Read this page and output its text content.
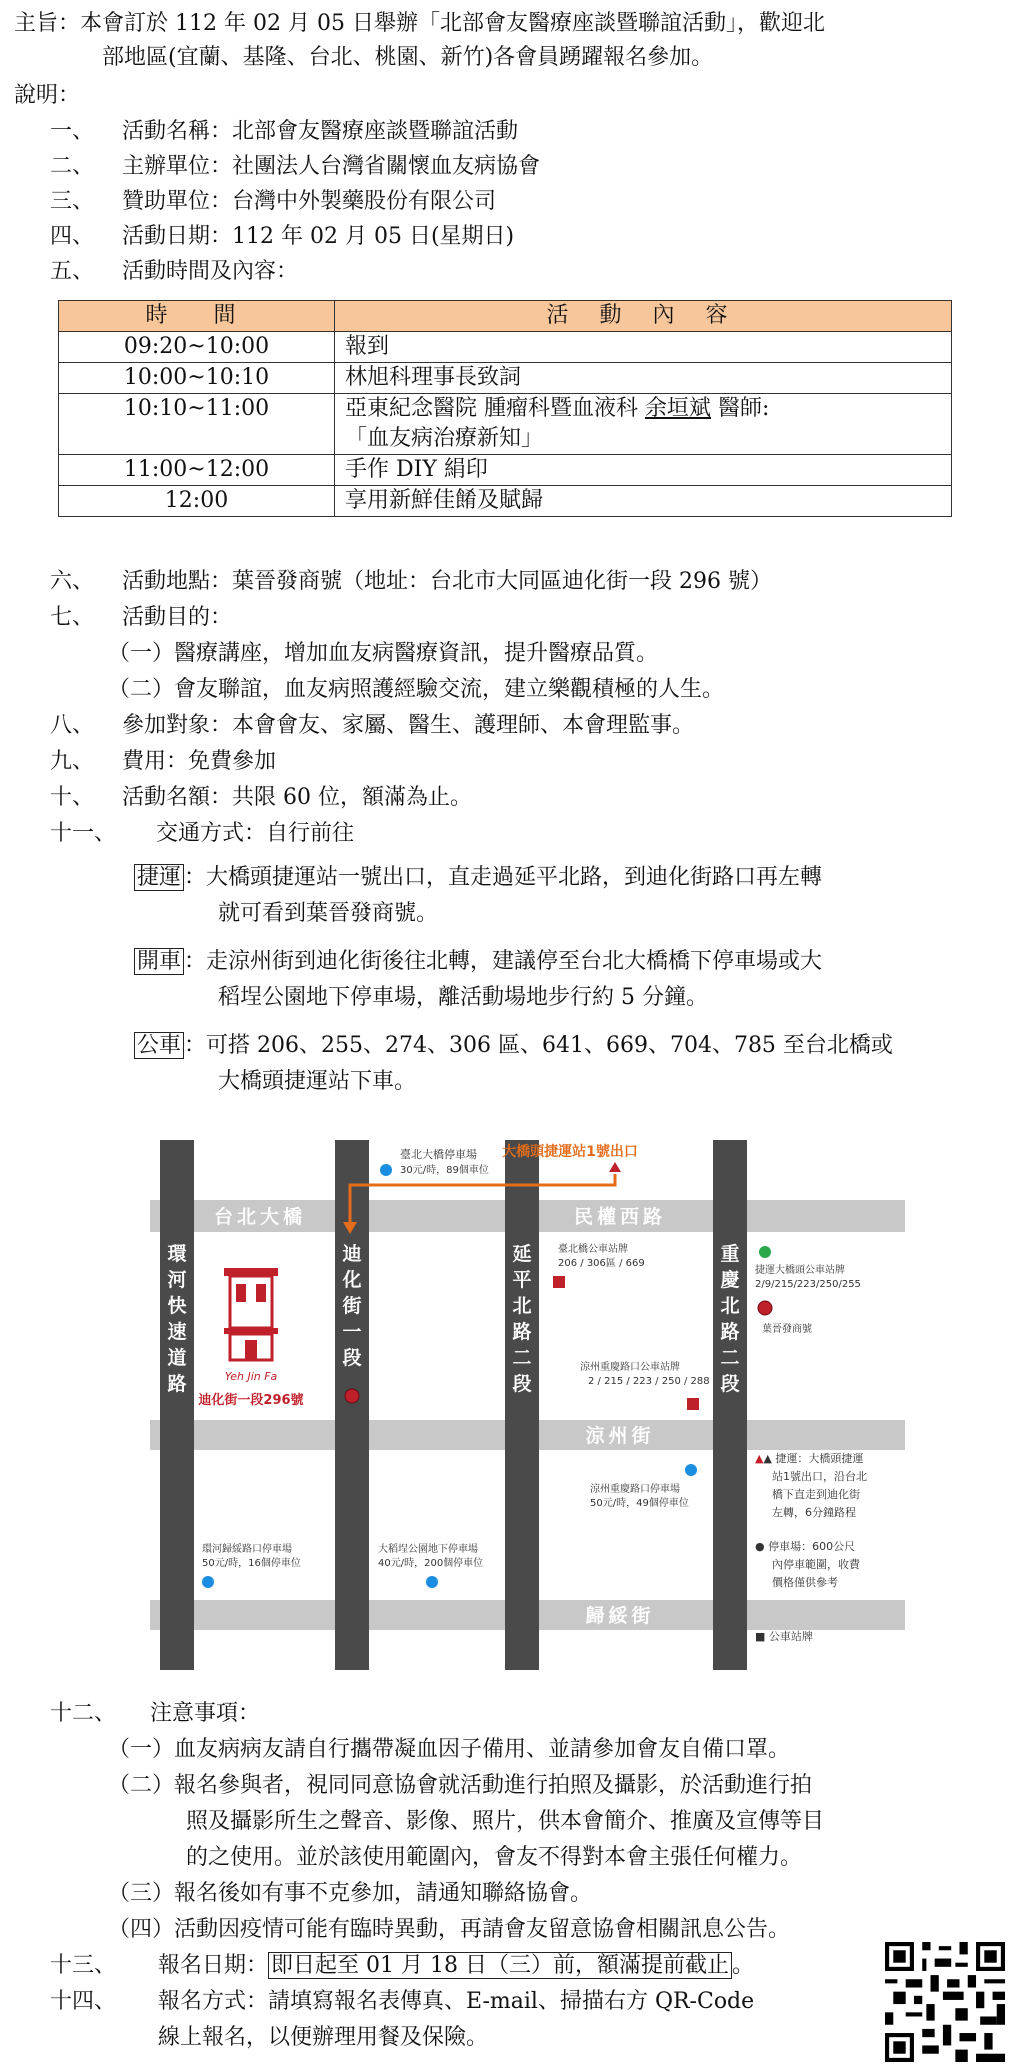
主旨：本會訂於 112 年 02 月 05 日舉辦「北部會友醫療座談暨聯誼活動」，歡迎北
部地區(宜蘭、基隆、台北、桃園、新竹)各會員踴躍報名參加。
說明：
一、 活動名稱：北部會友醫療座談暨聯誼活動
二、 主辦單位：社團法人台灣省關懷血友病協會
三、 贊助單位：台灣中外製藥股份有限公司
四、 活動日期：112 年 02 月 05 日(星期日)
五、 活動時間及內容：
時　間	活 動 內 容
09:20~10:00	報到
10:00~10:10	林旭科理事長致詞
10:10~11:00	亞東紀念醫院 腫瘤科暨血液科 余垣斌 醫師:
「血友病治療新知」
11:00~12:00	手作 DIY 絹印
12:00	享用新鮮佳餚及賦歸
六、 活動地點：葉晉發商號（地址：台北市大同區迪化街一段 296 號）
七、 活動目的：
（一）醫療講座，增加血友病醫療資訊，提升醫療品質。
（二）會友聯誼，血友病照護經驗交流，建立樂觀積極的人生。
八、 參加對象：本會會友、家屬、醫生、護理師、本會理監事。
九、 費用：免費參加
十、 活動名額：共限 60 位，額滿為止。
十一、 交通方式：自行前往
捷運 ：大橋頭捷運站一號出口，直走過延平北路，到迪化街路口再左轉
就可看到葉晉發商號。
開車 ：走涼州街到迪化街後往北轉，建議停至台北大橋橋下停車場或大
稻埕公園地下停車場，離活動場地步行約 5 分鐘。
公車 ：可搭 206、255、274、306 區、641、669、704、785 至台北橋或
大橋頭捷運站下車。
環河快速道路
迪化街一段
延平北路二段
重慶北路二段
台北大橋	民權西路
涼州街
歸綏街
大橋頭捷運站1號出口
臺北大橋停車場
30元/時，89個車位
臺北橋公車站牌
206 / 306區 / 669
涼州重慶路口公車站牌
2 / 215 / 223 / 250 / 288
涼州重慶路口停車場
50元/時，49個停車位
環河歸綏路口停車場
50元/時，16個停車位
大稻埕公園地下停車場
40元/時，200個停車位
捷運大橋頭公車站牌
2/9/215/223/250/255
葉晉發商號
▲▲ 捷運：大橋頭捷運
站1號出口，沿台北
橋下直走到迪化街
左轉，6分鐘路程
● 停車場：600公尺
內停車範圍，收費
價格僅供參考
■ 公車站牌
Yeh Jin Fa
迪化街一段296號
十二、 注意事項：
（一）血友病病友請自行攜帶凝血因子備用、並請參加會友自備口罩。
（二）報名參與者，視同同意協會就活動進行拍照及攝影，於活動進行拍
照及攝影所生之聲音、影像、照片，供本會簡介、推廣及宣傳等目
的之使用。並於該使用範圍內，會友不得對本會主張任何權力。
（三）報名後如有事不克參加，請通知聯絡協會。
（四）活動因疫情可能有臨時異動，再請會友留意協會相關訊息公告。
十三、 報名日期： 即日起至 01 月 18 日（三）前，額滿提前截止 。
十四、 報名方式：請填寫報名表傳真、E-mail、掃描右方 QR-Code
線上報名，以便辦理用餐及保險。
